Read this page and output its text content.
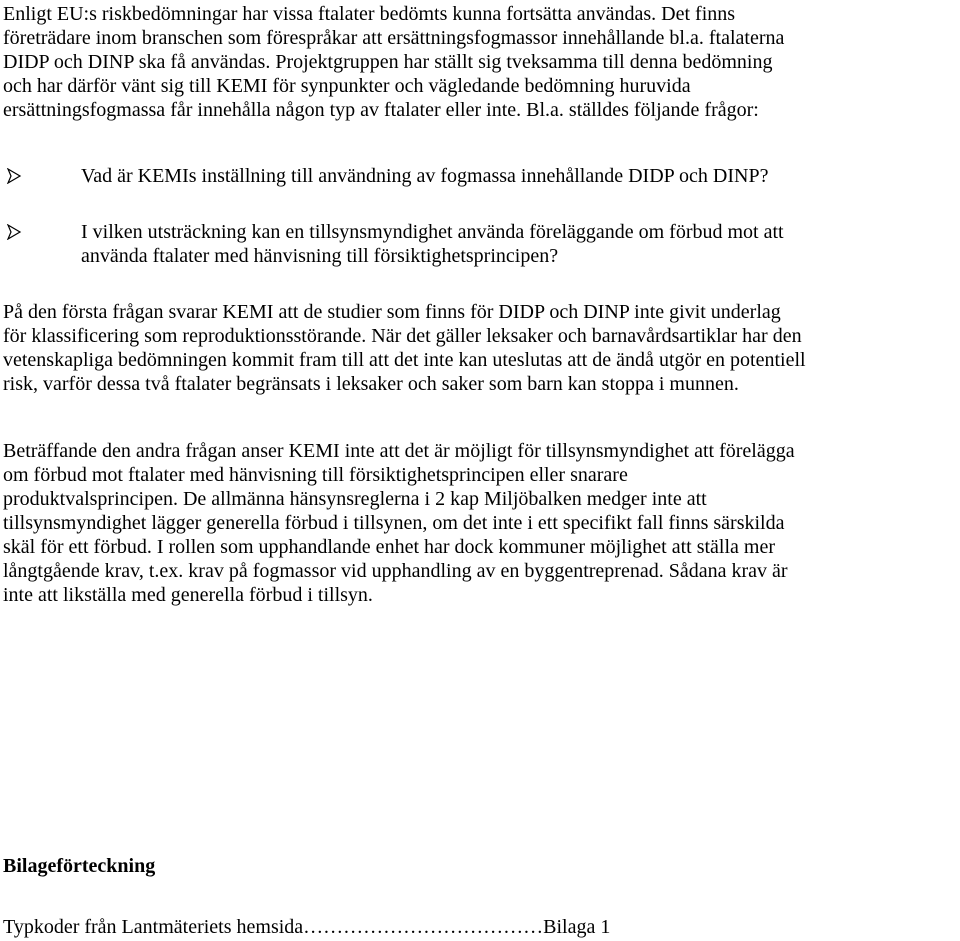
Enligt EU:s riskbedömningar har vissa ftalater bedömts kunna fortsätta användas. Det finns
företrädare inom branschen som förespråkar att ersättningsfogmassor innehållande bl.a. ftalaterna
DIDP och DINP ska få användas. Projektgruppen har ställt sig tveksamma till denna bedömning
och har därför vänt sig till KEMI för synpunkter och vägledande bedömning huruvida
ersättningsfogmassa får innehålla någon typ av ftalater eller inte. Bl.a. ställdes följande frågor:

Vad är KEMIs inställning till användning av fogmassa innehållande DIDP och DINP?
I vilken utsträckning kan en tillsynsmyndighet använda föreläggande om förbud mot att
använda ftalater med hänvisning till försiktighetsprincipen?

På den första frågan svarar KEMI att de studier som finns för DIDP och DINP inte givit underlag
för klassificering som reproduktionsstörande. När det gäller leksaker och barnavårdsartiklar har den
vetenskapliga bedömningen kommit fram till att det inte kan uteslutas att de ändå utgör en potentiell
risk, varför dessa två ftalater begränsats i leksaker och saker som barn kan stoppa i munnen.

Beträffande den andra frågan anser KEMI inte att det är möjligt för tillsynsmyndighet att förelägga
om förbud mot ftalater med hänvisning till försiktighetsprincipen eller snarare
produktvalsprincipen. De allmänna hänsynsreglerna i 2 kap Miljöbalken medger inte att
tillsynsmyndighet lägger generella förbud i tillsynen, om det inte i ett specifikt fall finns särskilda
skäl för ett förbud. I rollen som upphandlande enhet har dock kommuner möjlighet att ställa mer
långtgående krav, t.ex. krav på fogmassor vid upphandling av en byggentreprenad. Sådana krav är
inte att likställa med generella förbud i tillsyn.

Bilageförteckning

Typkoder från Lantmäteriets hemsida………………………………Bilaga 1
